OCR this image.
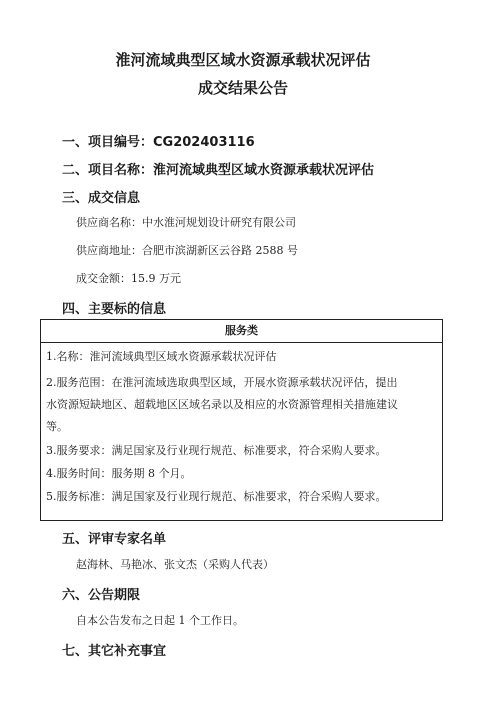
淮河流域典型区域水资源承载状况评估
成交结果公告
一、项目编号：CG202403116
二、项目名称：淮河流域典型区域水资源承载状况评估
三、成交信息
供应商名称：中水淮河规划设计研究有限公司
供应商地址：合肥市滨湖新区云谷路 2588 号
成交金额：15.9 万元
四、主要标的信息
服务类
1.名称：淮河流域典型区域水资源承载状况评估
2.服务范围：在淮河流域选取典型区域，开展水资源承载状况评估，提出
水资源短缺地区、超载地区区域名录以及相应的水资源管理相关措施建议
等。
3.服务要求：满足国家及行业现行规范、标准要求，符合采购人要求。
4.服务时间：服务期 8 个月。
5.服务标准：满足国家及行业现行规范、标准要求，符合采购人要求。
五、评审专家名单
赵海林、马艳冰、张文杰（采购人代表）
六、公告期限
自本公告发布之日起 1 个工作日。
七、其它补充事宜
